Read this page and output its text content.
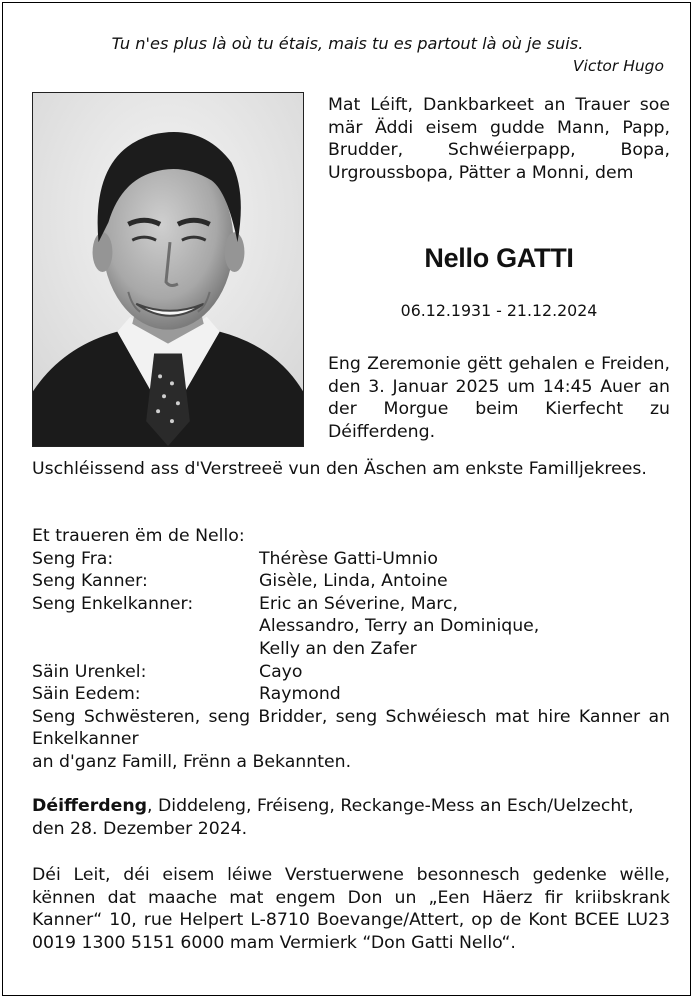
Tu n'es plus là où tu étais, mais tu es partout là où je suis.
Victor Hugo
Mat Léift, Dankbarkeet an Trauer soe mär Äddi eisem gudde Mann, Papp, Brudder, Schwéierpapp, Bopa, Urgroussbopa, Pätter a Monni, dem
Nello GATTI
06.12.1931 - 21.12.2024
Eng Zeremonie gëtt gehalen e Freiden, den 3. Januar 2025 um 14:45 Auer an der Morgue beim Kierfecht zu Déifferdeng.
Uschléissend ass d'Verstreeë vun den Äschen am enkste Familljekrees.
Et traueren ëm de Nello:
Seng Fra:	Thérèse Gatti-Umnio
Seng Kanner:	Gisèle, Linda, Antoine
Seng Enkelkanner:	Eric an Séverine, Marc,
Alessandro, Terry an Dominique,
Kelly an den Zafer
Säin Urenkel:	Cayo
Säin Eedem:	Raymond
Seng Schwësteren, seng Bridder, seng Schwéiesch mat hire Kanner an Enkelkanner
an d'ganz Famill, Frënn a Bekannten.
Déifferdeng, Diddeleng, Fréiseng, Reckange-Mess an Esch/Uelzecht, den 28. Dezember 2024.
Déi Leit, déi eisem léiwe Verstuerwene besonnesch gedenke wëlle, kënnen dat maache mat engem Don un „Een Häerz fir kriibskrank Kanner“ 10, rue Helpert L-8710 Boevange/Attert, op de Kont BCEE LU23 0019 1300 5151 6000 mam Vermierk “Don Gatti Nello“.
